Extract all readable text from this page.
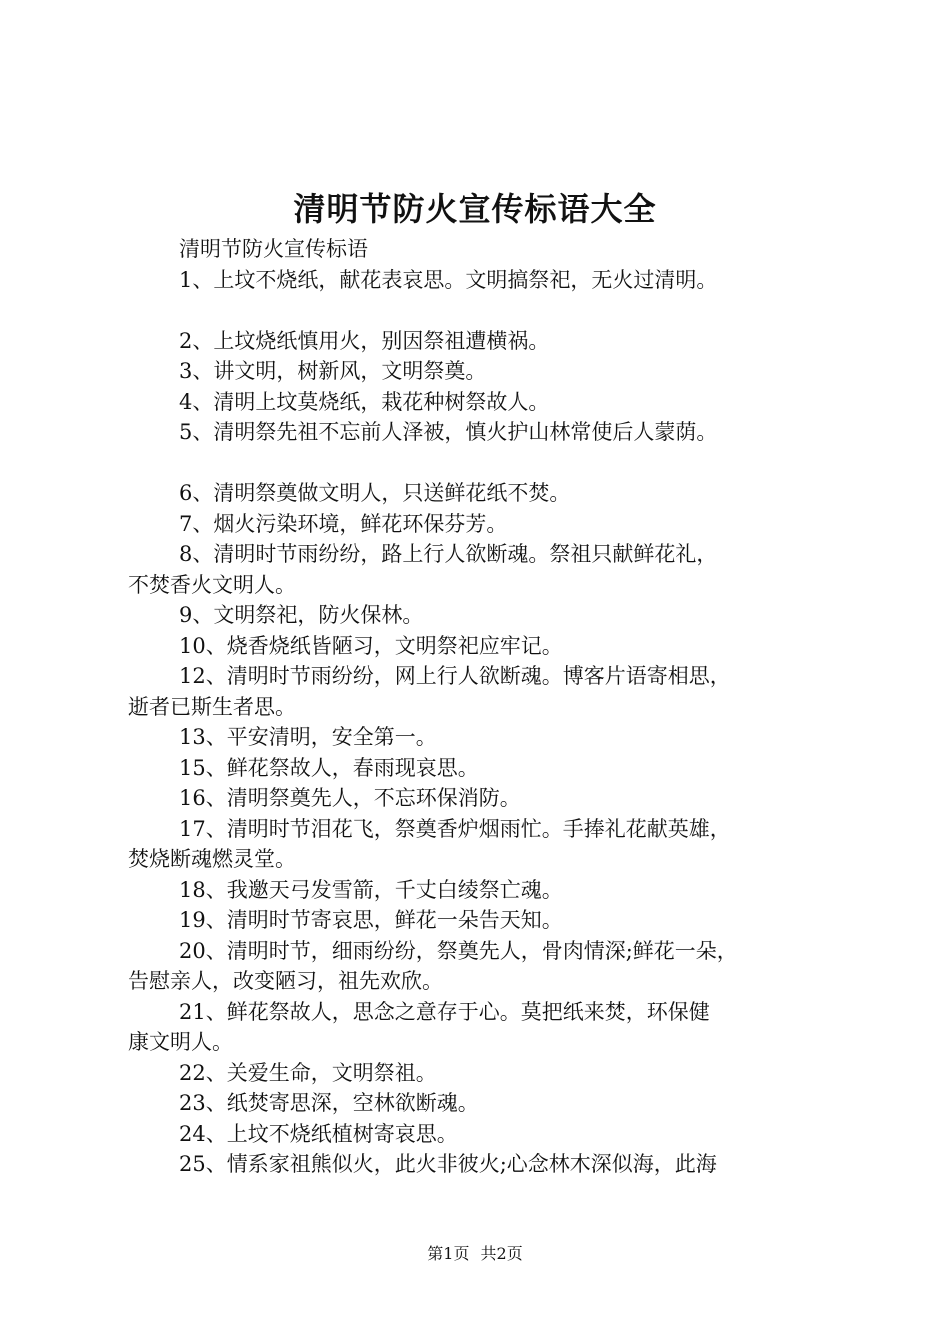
清明节防火宣传标语大全
清明节防火宣传标语
1、上坟不烧纸，献花表哀思。文明搞祭祀，无火过清明。
2、上坟烧纸慎用火，别因祭祖遭横祸。
3、讲文明，树新风，文明祭奠。
4、清明上坟莫烧纸，栽花种树祭故人。
5、清明祭先祖不忘前人泽被，慎火护山林常使后人蒙荫。
6、清明祭奠做文明人，只送鲜花纸不焚。
7、烟火污染环境，鲜花环保芬芳。
8、清明时节雨纷纷，路上行人欲断魂。祭祖只献鲜花礼，
不焚香火文明人。
9、文明祭祀，防火保林。
10、烧香烧纸皆陋习，文明祭祀应牢记。
12、清明时节雨纷纷，网上行人欲断魂。博客片语寄相思，
逝者已斯生者思。
13、平安清明，安全第一。
15、鲜花祭故人，春雨现哀思。
16、清明祭奠先人，不忘环保消防。
17、清明时节泪花飞，祭奠香炉烟雨忙。手捧礼花献英雄，
焚烧断魂燃灵堂。
18、我邀天弓发雪箭，千丈白绫祭亡魂。
19、清明时节寄哀思，鲜花一朵告天知。
20、清明时节，细雨纷纷，祭奠先人，骨肉情深;鲜花一朵，
告慰亲人，改变陋习，祖先欢欣。
21、鲜花祭故人，思念之意存于心。莫把纸来焚，环保健
康文明人。
22、关爱生命，文明祭祖。
23、纸焚寄思深，空林欲断魂。
24、上坟不烧纸植树寄哀思。
25、情系家祖熊似火，此火非彼火;心念林木深似海，此海
第1页 共2页
